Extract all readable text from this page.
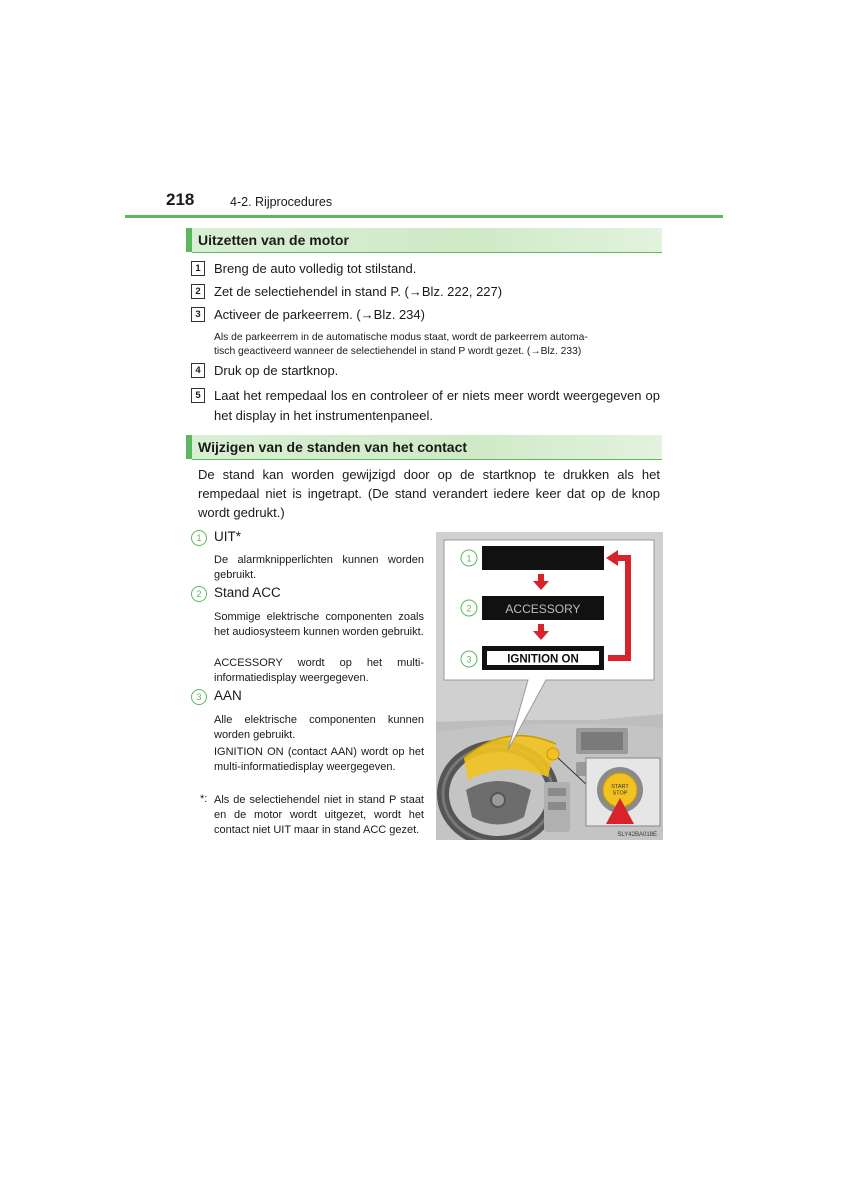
218	4-2. Rijprocedures
Uitzetten van de motor
1	Breng de auto volledig tot stilstand.
2	Zet de selectiehendel in stand P. (→Blz. 222, 227)
3	Activeer de parkeerrem. (→Blz. 234)
Als de parkeerrem in de automatische modus staat, wordt de parkeerrem automa-
tisch geactiveerd wanneer de selectiehendel in stand P wordt gezet. (→Blz. 233)
4	Druk op de startknop.
5	Laat het rempedaal los en controleer of er niets meer wordt weergegeven op het display in het instrumentenpaneel.
Wijzigen van de standen van het contact
De stand kan worden gewijzigd door op de startknop te drukken als het rempedaal niet is ingetrapt. (De stand verandert iedere keer dat op de knop wordt gedrukt.)
1 UIT*
De alarmknipperlichten kunnen worden gebruikt.
2 Stand ACC
Sommige elektrische componenten zoals het audiosysteem kunnen worden gebruikt.
ACCESSORY wordt op het multi-informatiedisplay weergegeven.
3 AAN
Alle elektrische componenten kunnen worden gebruikt.
IGNITION ON (contact AAN) wordt op het multi-informatiedisplay weergegeven.
*: Als de selectiehendel niet in stand P staat en de motor wordt uitgezet, wordt het contact niet UIT maar in stand ACC gezet.
1
2	ACCESSORY
3	IGNITION ON
START
STOP
SLY42BA018E
